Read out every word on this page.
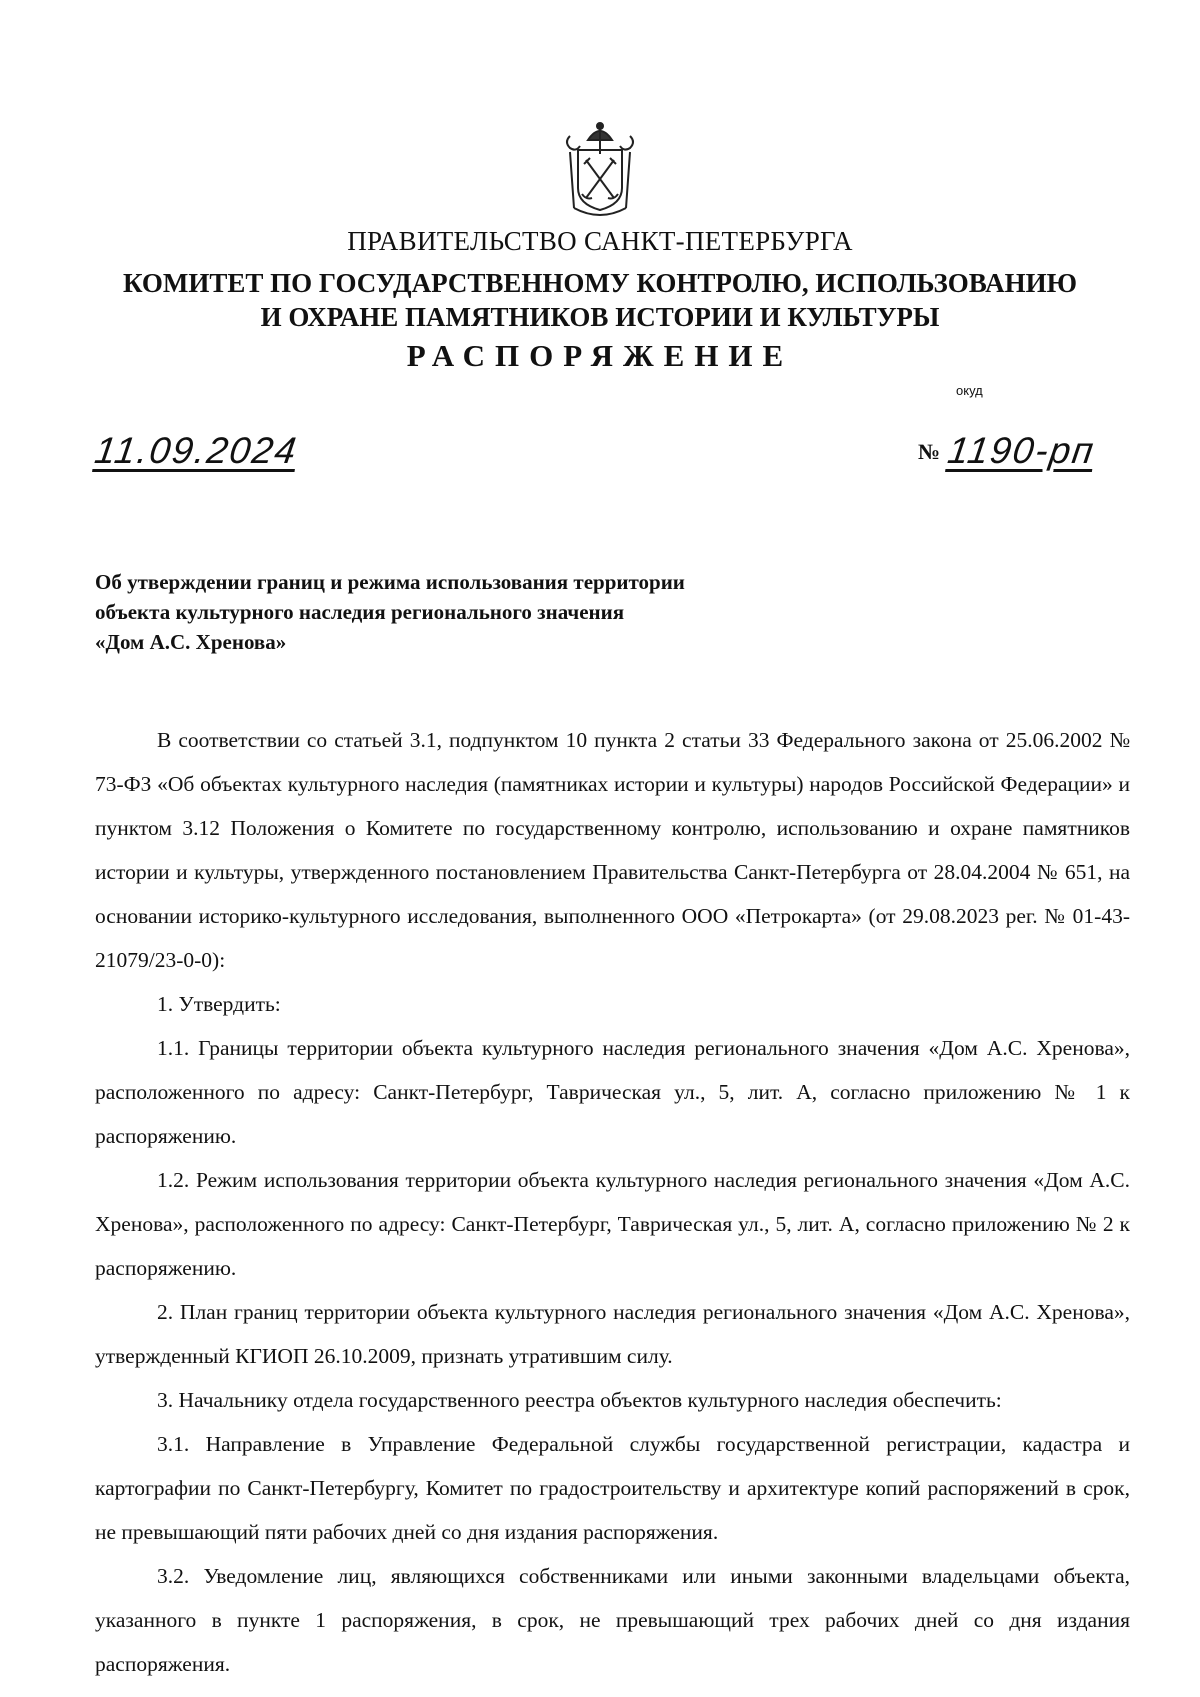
ПРАВИТЕЛЬСТВО САНКТ-ПЕТЕРБУРГА
КОМИТЕТ ПО ГОСУДАРСТВЕННОМУ КОНТРОЛЮ, ИСПОЛЬЗОВАНИЮ
И ОХРАНЕ ПАМЯТНИКОВ ИСТОРИИ И КУЛЬТУРЫ
РАСПОРЯЖЕНИЕ
окуд
11.09.2024	№ 1190-рп
Об утверждении границ и режима использования территории
объекта культурного наследия регионального значения
«Дом А.С. Хренова»

В соответствии со статьей 3.1, подпунктом 10 пункта 2 статьи 33 Федерального закона от 25.06.2002 № 73-ФЗ «Об объектах культурного наследия (памятниках истории и культуры) народов Российской Федерации» и пунктом 3.12 Положения о Комитете по государственному контролю, использованию и охране памятников истории и культуры, утвержденного постановлением Правительства Санкт-Петербурга от 28.04.2004 № 651, на основании историко-культурного исследования, выполненного ООО «Петрокарта» (от 29.08.2023 рег. № 01-43-21079/23-0-0):

1. Утвердить:

1.1. Границы территории объекта культурного наследия регионального значения «Дом А.С. Хренова», расположенного по адресу: Санкт-Петербург, Таврическая ул., 5, лит. А, согласно приложению № 1 к распоряжению.

1.2. Режим использования территории объекта культурного наследия регионального значения «Дом А.С. Хренова», расположенного по адресу: Санкт-Петербург, Таврическая ул., 5, лит. А, согласно приложению № 2 к распоряжению.

2. План границ территории объекта культурного наследия регионального значения «Дом А.С. Хренова», утвержденный КГИОП 26.10.2009, признать утратившим силу.

3. Начальнику отдела государственного реестра объектов культурного наследия обеспечить:

3.1. Направление в Управление Федеральной службы государственной регистрации, кадастра и картографии по Санкт-Петербургу, Комитет по градостроительству и архитектуре копий распоряжений в срок, не превышающий пяти рабочих дней со дня издания распоряжения.

3.2. Уведомление лиц, являющихся собственниками или иными законными владельцами объекта, указанного в пункте 1 распоряжения, в срок, не превышающий трех рабочих дней со дня издания распоряжения.
